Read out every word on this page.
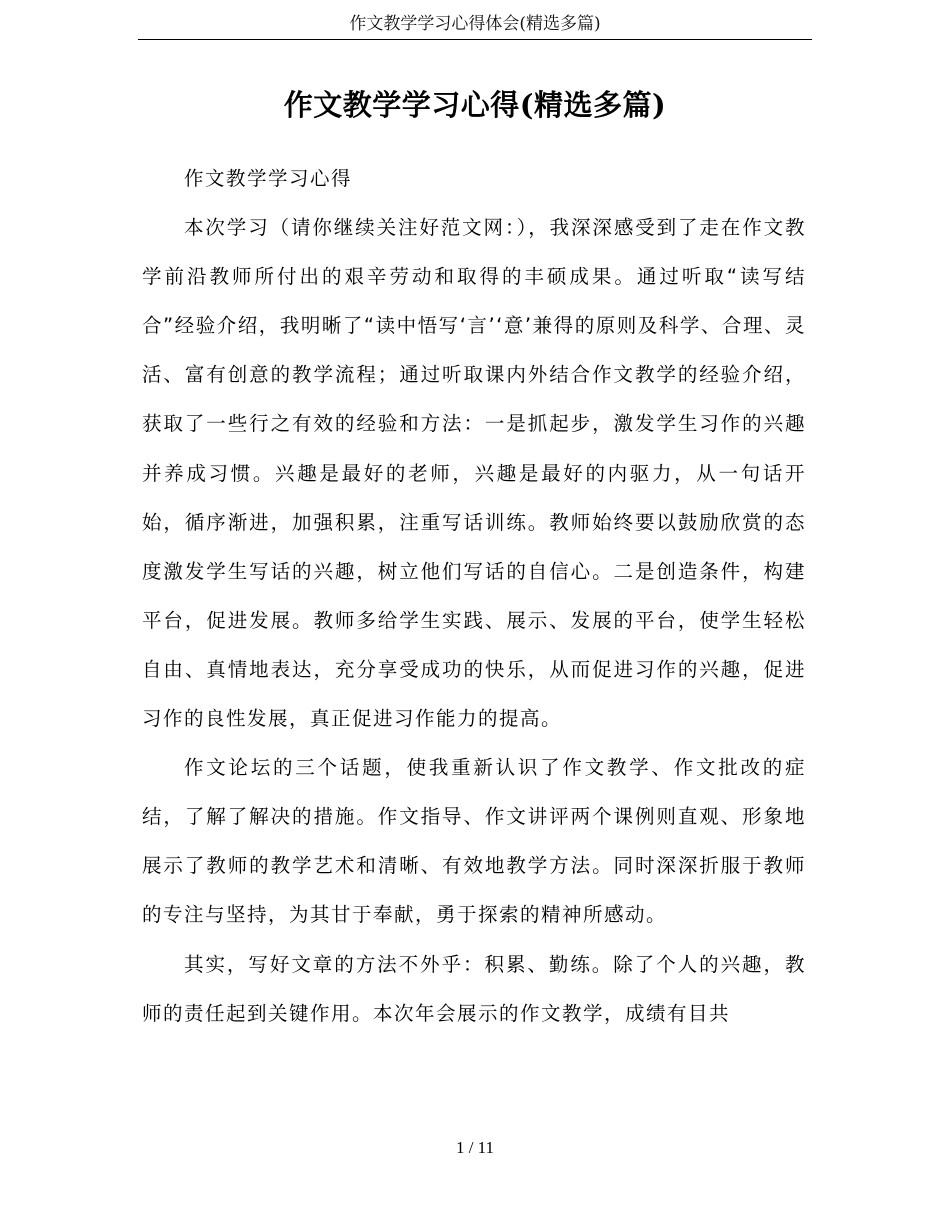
作文教学学习心得体会(精选多篇)
作文教学学习心得(精选多篇)

作文教学学习心得

本次学习（请你继续关注好范文网：），我深深感受到了走在作文教学前沿教师所付出的艰辛劳动和取得的丰硕成果。通过听取“读写结合”经验介绍，我明晰了“读中悟写‘言’‘意’兼得的原则及科学、合理、灵活、富有创意的教学流程；通过听取课内外结合作文教学的经验介绍，获取了一些行之有效的经验和方法：一是抓起步，激发学生习作的兴趣并养成习惯。兴趣是最好的老师，兴趣是最好的内驱力，从一句话开始，循序渐进，加强积累，注重写话训练。教师始终要以鼓励欣赏的态度激发学生写话的兴趣，树立他们写话的自信心。二是创造条件，构建平台，促进发展。教师多给学生实践、展示、发展的平台，使学生轻松自由、真情地表达，充分享受成功的快乐，从而促进习作的兴趣，促进习作的良性发展，真正促进习作能力的提高。

作文论坛的三个话题，使我重新认识了作文教学、作文批改的症结，了解了解决的措施。作文指导、作文讲评两个课例则直观、形象地展示了教师的教学艺术和清晰、有效地教学方法。同时深深折服于教师的专注与坚持，为其甘于奉献，勇于探索的精神所感动。

其实，写好文章的方法不外乎：积累、勤练。除了个人的兴趣，教师的责任起到关键作用。本次年会展示的作文教学，成绩有目共

1 / 11
